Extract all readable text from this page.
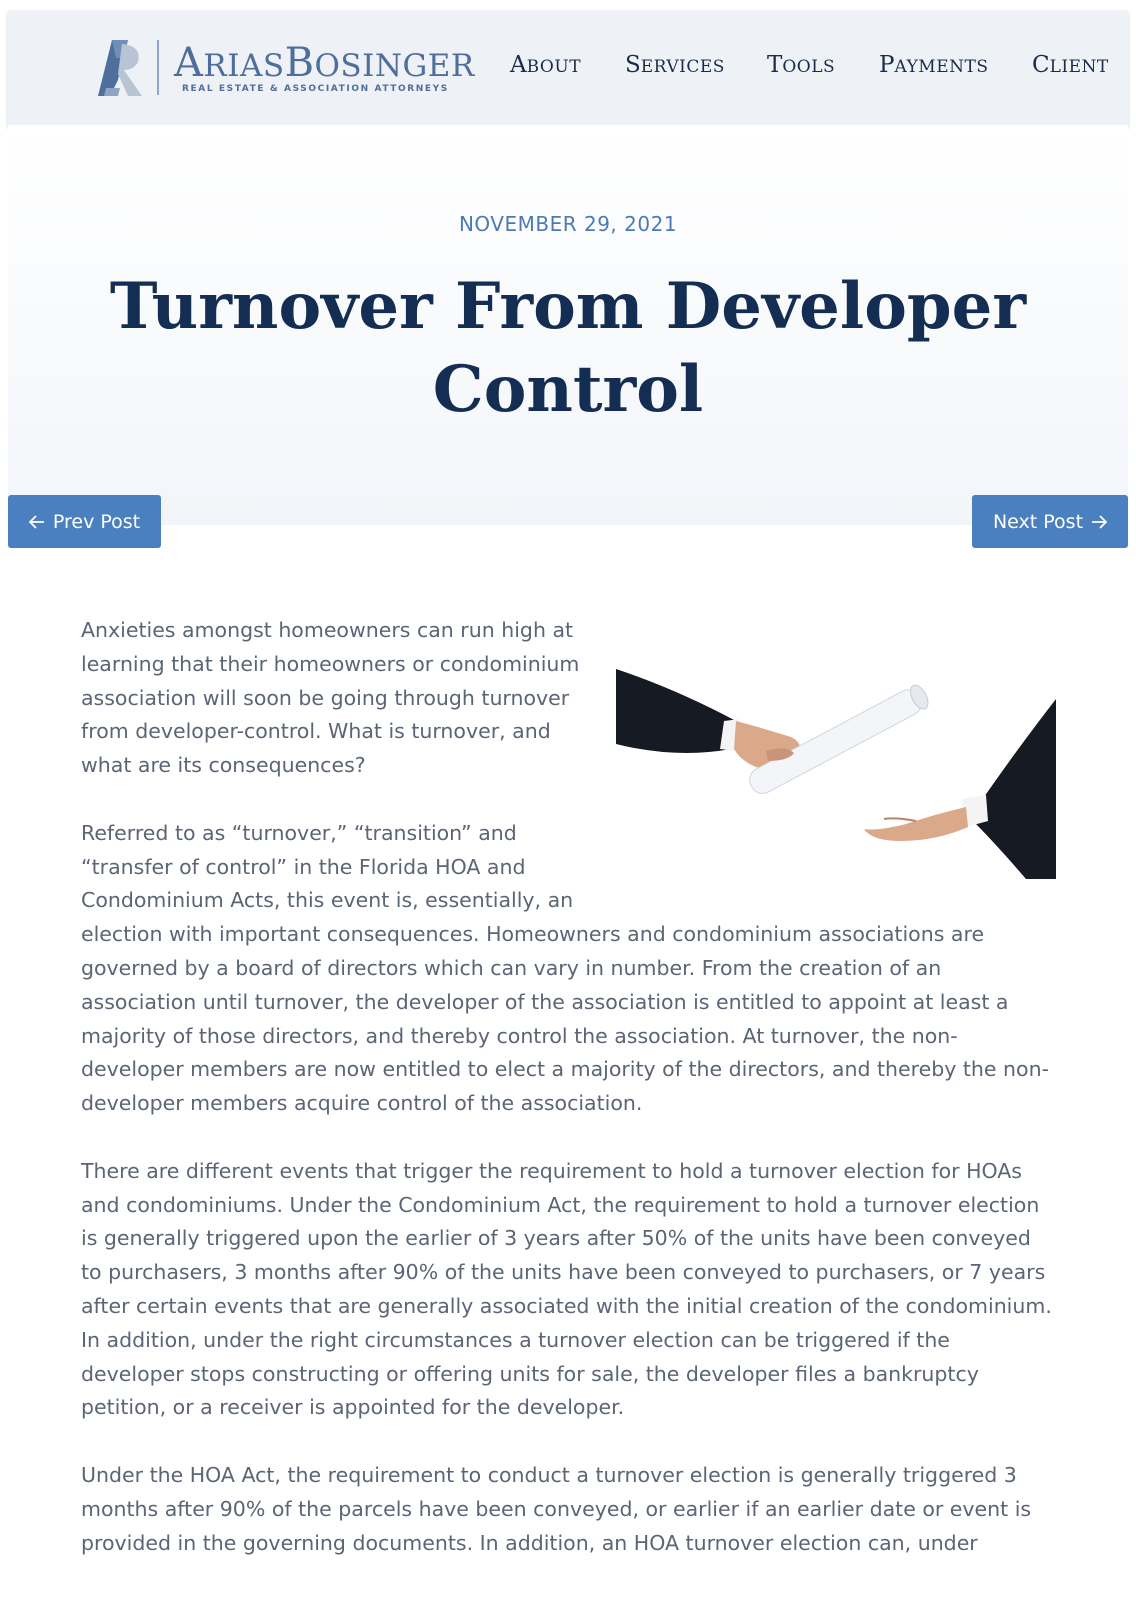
ARIASBOSINGER
REAL ESTATE & ASSOCIATION ATTORNEYS
ABOUT SERVICES TOOLS PAYMENTS CLIENT
NOVEMBER 29, 2021
Turnover From Developer Control
Prev Post	Next Post

Anxieties amongst homeowners can run high at learning that their homeowners or condominium association will soon be going through turnover from developer-control. What is turnover, and what are its consequences?

Referred to as “turnover,” “transition” and “transfer of control” in the Florida HOA and Condominium Acts, this event is, essentially, an election with important consequences. Homeowners and condominium associations are governed by a board of directors which can vary in number. From the creation of an association until turnover, the developer of the association is entitled to appoint at least a majority of those directors, and thereby control the association. At turnover, the non-developer members are now entitled to elect a majority of the directors, and thereby the non-developer members acquire control of the association.

There are different events that trigger the requirement to hold a turnover election for HOAs and condominiums. Under the Condominium Act, the requirement to hold a turnover election is generally triggered upon the earlier of 3 years after 50% of the units have been conveyed to purchasers, 3 months after 90% of the units have been conveyed to purchasers, or 7 years after certain events that are generally associated with the initial creation of the condominium. In addition, under the right circumstances a turnover election can be triggered if the developer stops constructing or offering units for sale, the developer files a bankruptcy petition, or a receiver is appointed for the developer.

Under the HOA Act, the requirement to conduct a turnover election is generally triggered 3 months after 90% of the parcels have been conveyed, or earlier if an earlier date or event is provided in the governing documents. In addition, an HOA turnover election can, under
